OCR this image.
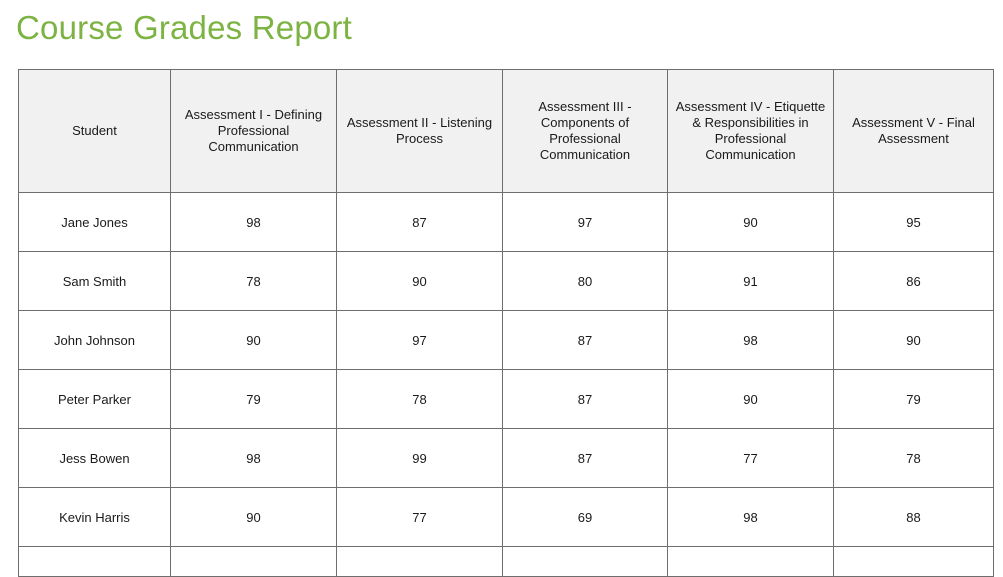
Course Grades Report
Student	Assessment I - Defining Professional Communication	Assessment II - Listening Process	Assessment III - Components of Professional Communication	Assessment IV - Etiquette & Responsibilities in Professional Communication	Assessment V - Final Assessment
Jane Jones	98	87	97	90	95
Sam Smith	78	90	80	91	86
John Johnson	90	97	87	98	90
Peter Parker	79	78	87	90	79
Jess Bowen	98	99	87	77	78
Kevin Harris	90	77	69	98	88
